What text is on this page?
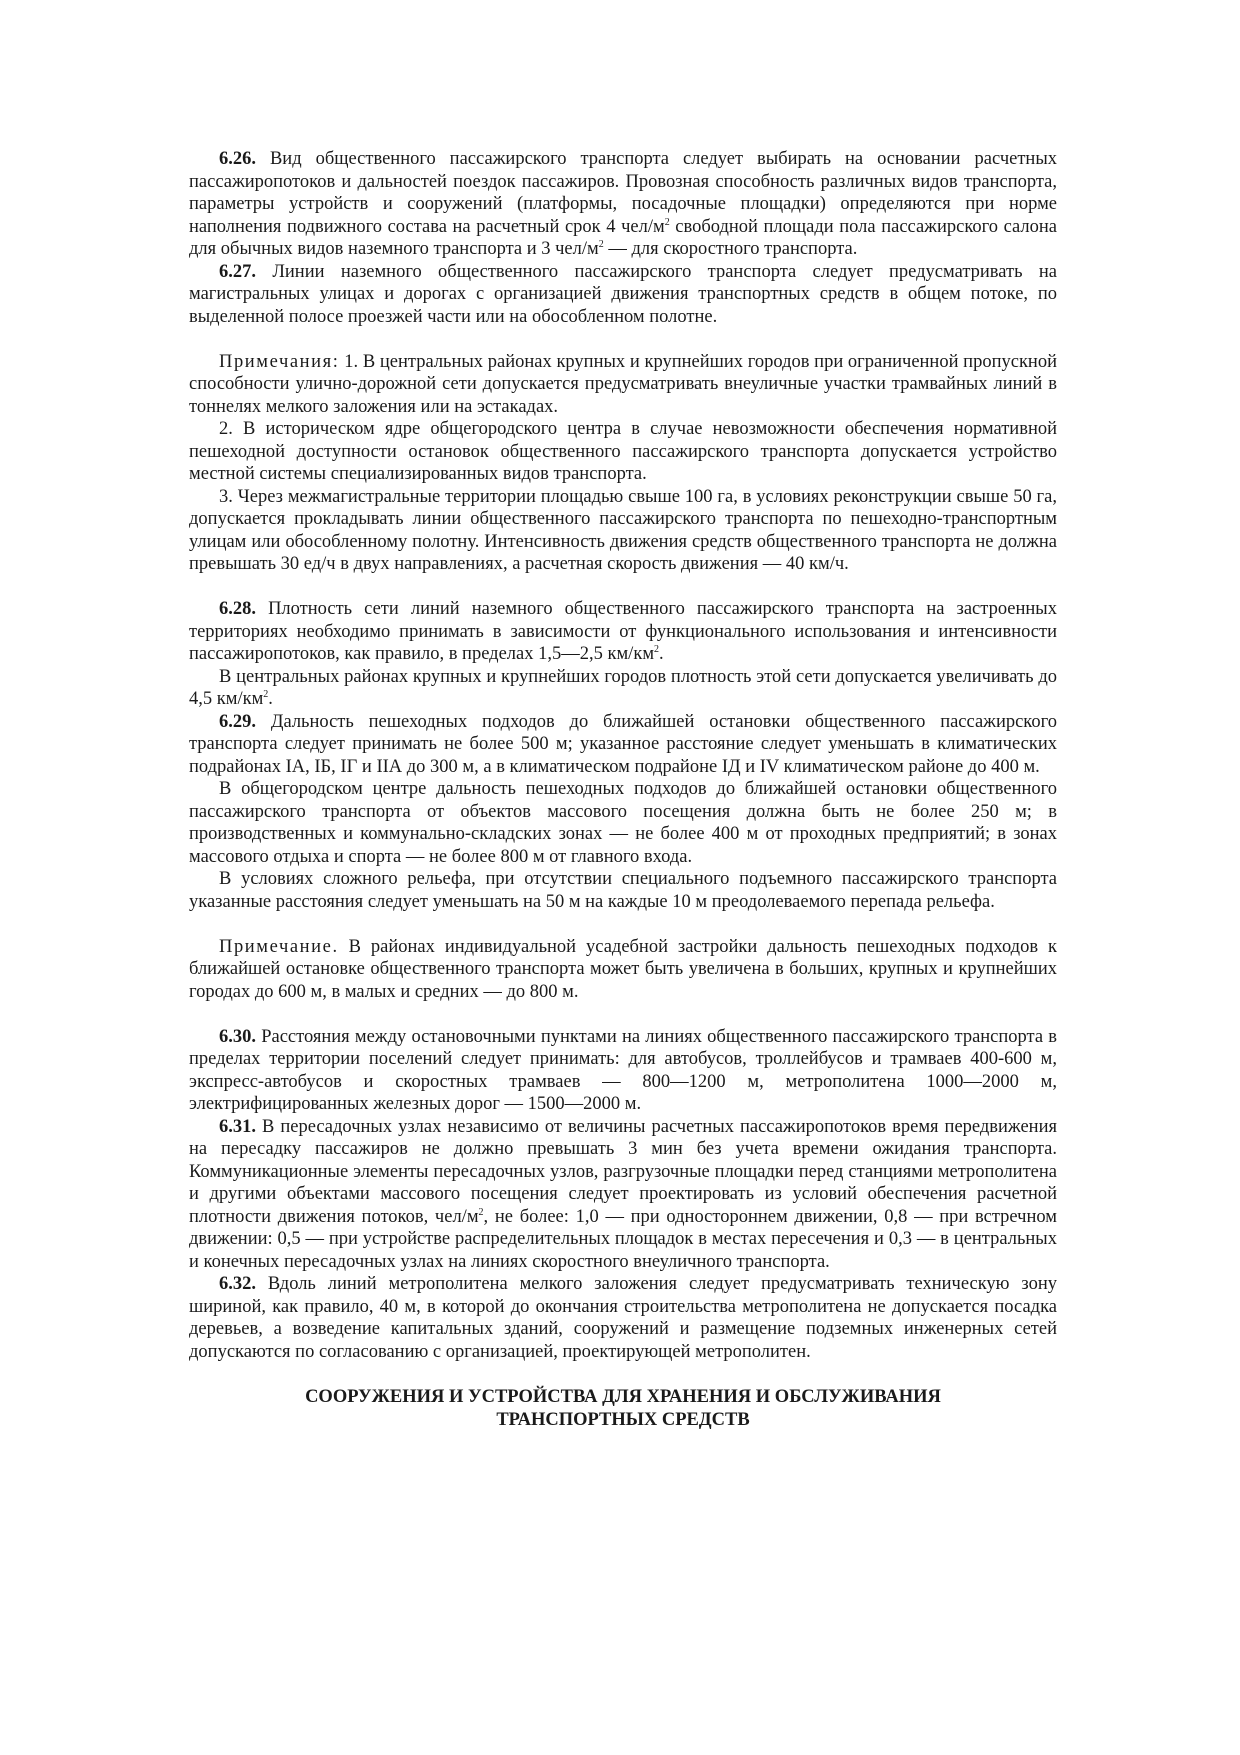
6.26. Вид общественного пассажирского транспорта следует выбирать на основании расчетных пассажиропотоков и дальностей поездок пассажиров. Провозная способность различных видов транспорта, параметры устройств и сооружений (платформы, посадочные площадки) определяются при норме наполнения подвижного состава на расчетный срок 4 чел/$м^2$ свободной площади пола пассажирского салона для обычных видов наземного транспорта и 3 чел/$м^2$ — для скоростного транспорта.

6.27. Линии наземного общественного пассажирского транспорта следует предусматривать на магистральных улицах и дорогах с организацией движения транспортных средств в общем потоке, по выделенной полосе проезжей части или на обособленном полотне.

Примечания: 1. В центральных районах крупных и крупнейших городов при ограниченной пропускной способности улично-дорожной сети допускается предусматривать внеуличные участки трамвайных линий в тоннелях мелкого заложения или на эстакадах.

2. В историческом ядре общегородского центра в случае невозможности обеспечения нормативной пешеходной доступности остановок общественного пассажирского транспорта допускается устройство местной системы специализированных видов транспорта.

3. Через межмагистральные территории площадью свыше 100 га, в условиях реконструкции свыше 50 га, допускается прокладывать линии общественного пассажирского транспорта по пешеходно-транспортным улицам или обособленному полотну. Интенсивность движения средств общественного транспорта не должна превышать 30 ед/ч в двух направлениях, а расчетная скорость движения — 40 км/ч.

6.28. Плотность сети линий наземного общественного пассажирского транспорта на застроенных территориях необходимо принимать в зависимости от функционального использования и интенсивности пассажиропотоков, как правило, в пределах 1,5—2,5 $км/км^2$.

В центральных районах крупных и крупнейших городов плотность этой сети допускается увеличивать до 4,5 $км/км^2$.

6.29. Дальность пешеходных подходов до ближайшей остановки общественного пассажирского транспорта следует принимать не более 500 м; указанное расстояние следует уменьшать в климатических подрайонах IА, IБ, IГ и IIА до 300 м, а в климатическом подрайоне IД и IV климатическом районе до 400 м.

В общегородском центре дальность пешеходных подходов до ближайшей остановки общественного пассажирского транспорта от объектов массового посещения должна быть не более 250 м; в производственных и коммунально-складских зонах — не более 400 м от проходных предприятий; в зонах массового отдыха и спорта — не более 800 м от главного входа.

В условиях сложного рельефа, при отсутствии специального подъемного пассажирского транспорта указанные расстояния следует уменьшать на 50 м на каждые 10 м преодолеваемого перепада рельефа.

Примечание. В районах индивидуальной усадебной застройки дальность пешеходных подходов к ближайшей остановке общественного транспорта может быть увеличена в больших, крупных и крупнейших городах до 600 м, в малых и средних — до 800 м.

6.30. Расстояния между остановочными пунктами на линиях общественного пассажирского транспорта в пределах территории поселений следует принимать: для автобусов, троллейбусов и трамваев 400-600 м, экспресс-автобусов и скоростных трамваев — 800—1200 м, метрополитена 1000—2000 м, электрифицированных железных дорог — 1500—2000 м.

6.31. В пересадочных узлах независимо от величины расчетных пассажиропотоков время передвижения на пересадку пассажиров не должно превышать 3 мин без учета времени ожидания транспорта. Коммуникационные элементы пересадочных узлов, разгрузочные площадки перед станциями метрополитена и другими объектами массового посещения следует проектировать из условий обеспечения расчетной плотности движения потоков, чел/$м^2$, не более: 1,0 — при одностороннем движении, 0,8 — при встречном движении: 0,5 — при устройстве распределительных площадок в местах пересечения и 0,3 — в центральных и конечных пересадочных узлах на линиях скоростного внеуличного транспорта.

6.32. Вдоль линий метрополитена мелкого заложения следует предусматривать техническую зону шириной, как правило, 40 м, в которой до окончания строительства метрополитена не допускается посадка деревьев, а возведение капитальных зданий, сооружений и размещение подземных инженерных сетей допускаются по согласованию с организацией, проектирующей метрополитен.

СООРУЖЕНИЯ И УСТРОЙСТВА ДЛЯ ХРАНЕНИЯ И ОБСЛУЖИВАНИЯ
ТРАНСПОРТНЫХ СРЕДСТВ
